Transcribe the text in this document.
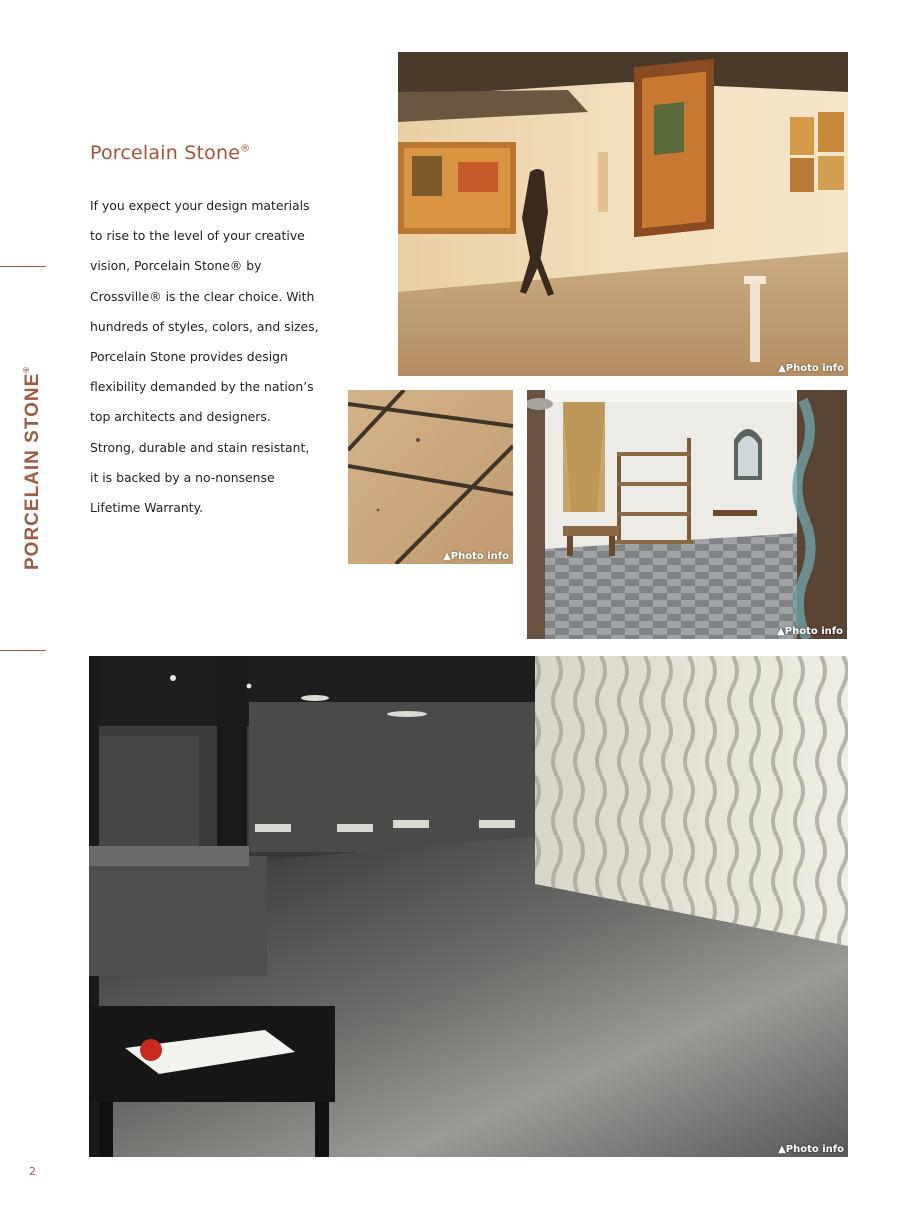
PORCELAIN STONE®
Porcelain Stone®
If you expect your design materials
to rise to the level of your creative
vision, Porcelain Stone® by
Crossville® is the clear choice. With
hundreds of styles, colors, and sizes,
Porcelain Stone provides design
flexibility demanded by the nation’s
top architects and designers.
Strong, durable and stain resistant,
it is backed by a no-nonsense
Lifetime Warranty.
▲Photo info
▲Photo info
▲Photo info
▲Photo info
2
